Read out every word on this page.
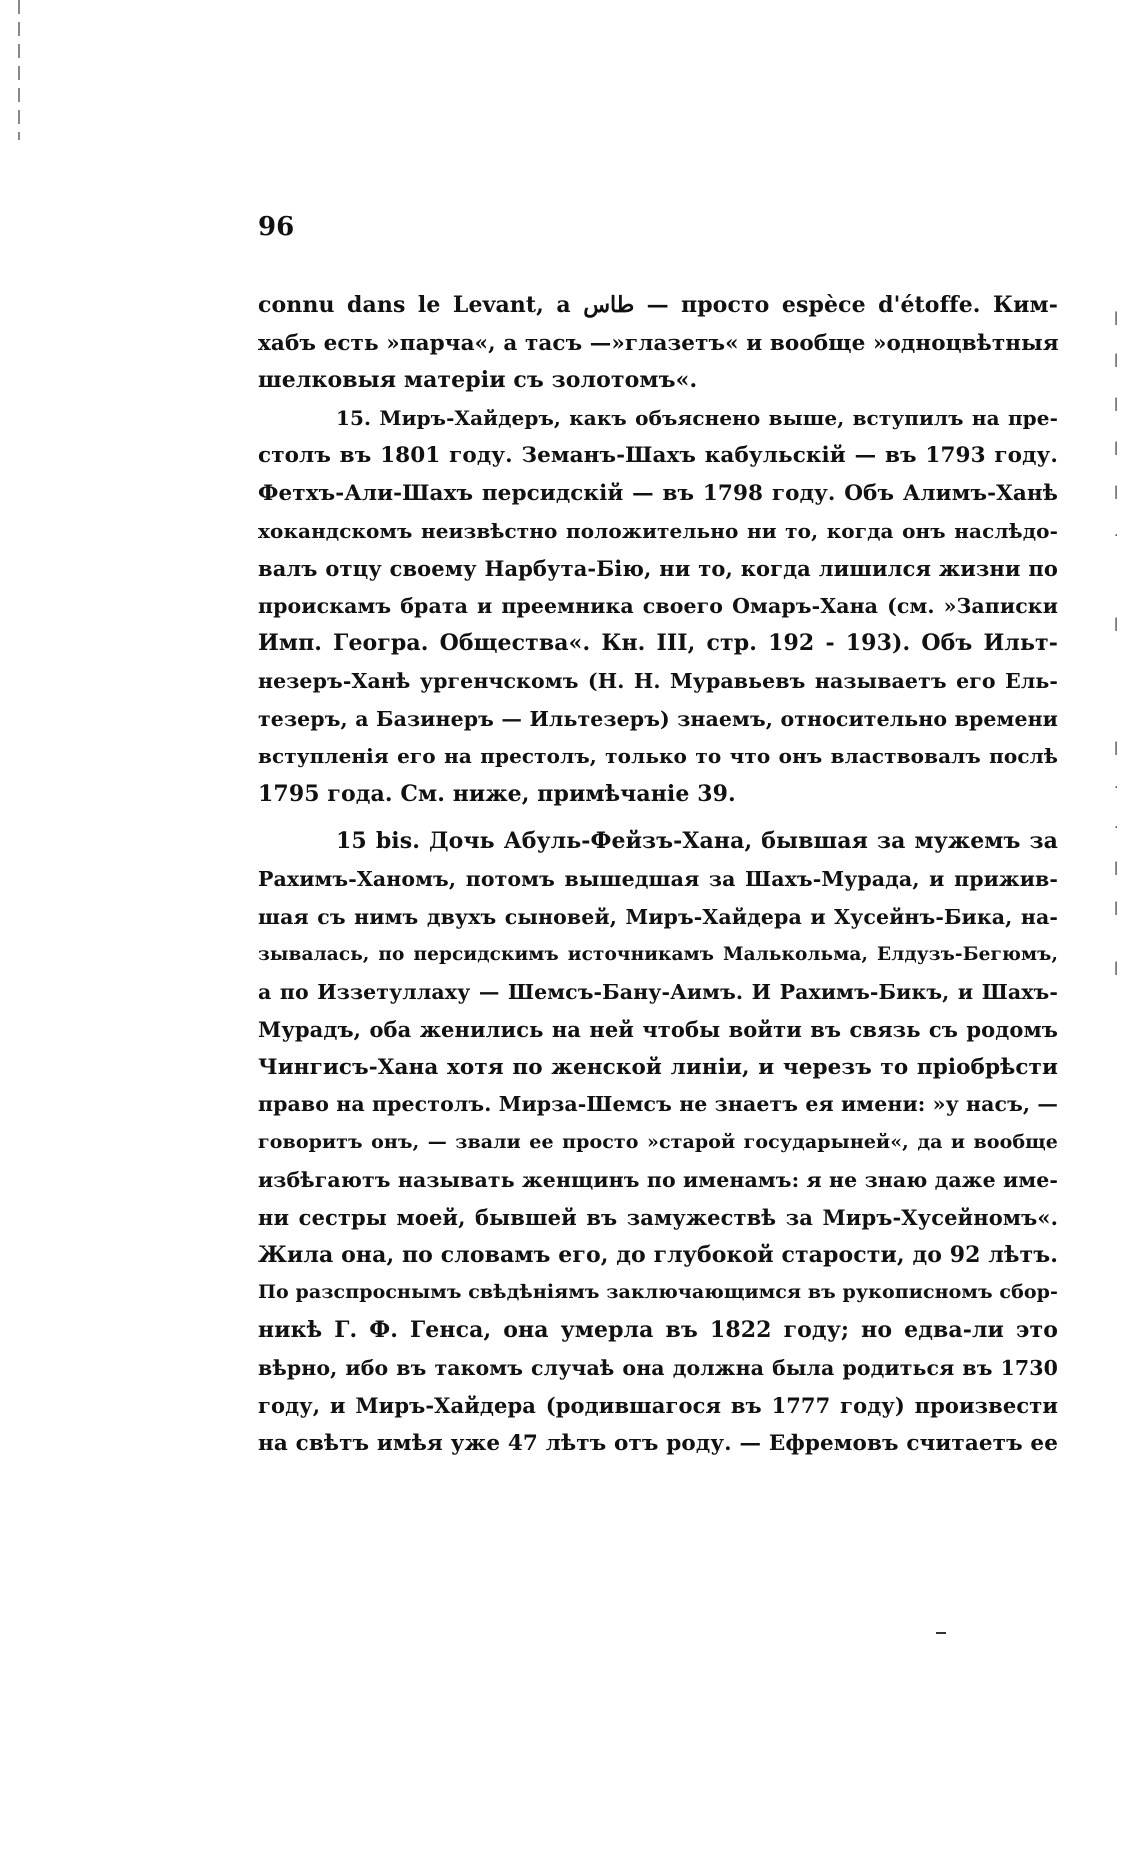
96
connu dans le Levant, a طاس — просто espèce d'étoffe. Ким-
хабъ есть »парча«, а тасъ —»глазетъ« и вообще »одноцвѣтныя
шелковыя матеріи съ золотомъ«.
15. Миръ-Хайдеръ, какъ объяснено выше, вступилъ на пре-
столъ въ 1801 году. Земанъ-Шахъ кабульскій — въ 1793 году.
Фетхъ-Али-Шахъ персидскій — въ 1798 году. Объ Алимъ-Ханѣ
хокандскомъ неизвѣстно положительно ни то, когда онъ наслѣдо-
валъ отцу своему Нарбута-Бію, ни то, когда лишился жизни по
проискамъ брата и преемника своего Омаръ-Хана (см. »Записки
Имп. Геогра. Общества«. Кн. III, стр. 192 - 193). Объ Ильт-
незеръ-Ханѣ ургенчскомъ (Н. Н. Муравьевъ называетъ его Ель-
тезеръ, а Базинеръ — Ильтезеръ) знаемъ, относительно времени
вступленія его на престолъ, только то что онъ властвовалъ послѣ
1795 года. См. ниже, примѣчаніе 39.
15 bis. Дочь Абуль-Фейзъ-Хана, бывшая за мужемъ за
Рахимъ-Ханомъ, потомъ вышедшая за Шахъ-Мурада, и прижив-
шая съ нимъ двухъ сыновей, Миръ-Хайдера и Хусейнъ-Бика, на-
зывалась, по персидскимъ источникамъ Малькольма, Елдузъ-Бегюмъ,
а по Иззетуллаху — Шемсъ-Бану-Аимъ. И Рахимъ-Бикъ, и Шахъ-
Мурадъ, оба женились на ней чтобы войти въ связь съ родомъ
Чингисъ-Хана хотя по женской линіи, и черезъ то пріобрѣсти
право на престолъ. Мирза-Шемсъ не знаетъ ея имени: »у насъ, —
говоритъ онъ, — звали ее просто »старой государыней«, да и вообще
избѣгаютъ называть женщинъ по именамъ: я не знаю даже име-
ни сестры моей, бывшей въ замужествѣ за Миръ-Хусейномъ«.
Жила она, по словамъ его, до глубокой старости, до 92 лѣтъ.
По разспроснымъ свѣдѣніямъ заключающимся въ рукописномъ сбор-
никѣ Г. Ф. Генса, она умерла въ 1822 году; но едва-ли это
вѣрно, ибо въ такомъ случаѣ она должна была родиться въ 1730
году, и Миръ-Хайдера (родившагося въ 1777 году) произвести
на свѣтъ имѣя уже 47 лѣтъ отъ роду. — Ефремовъ считаетъ ее
ǀ
ǀ
ǀ
ǀ
ǀ
·
ǀ
ǀ
·
·
ǀ
ǀ
ǀ
